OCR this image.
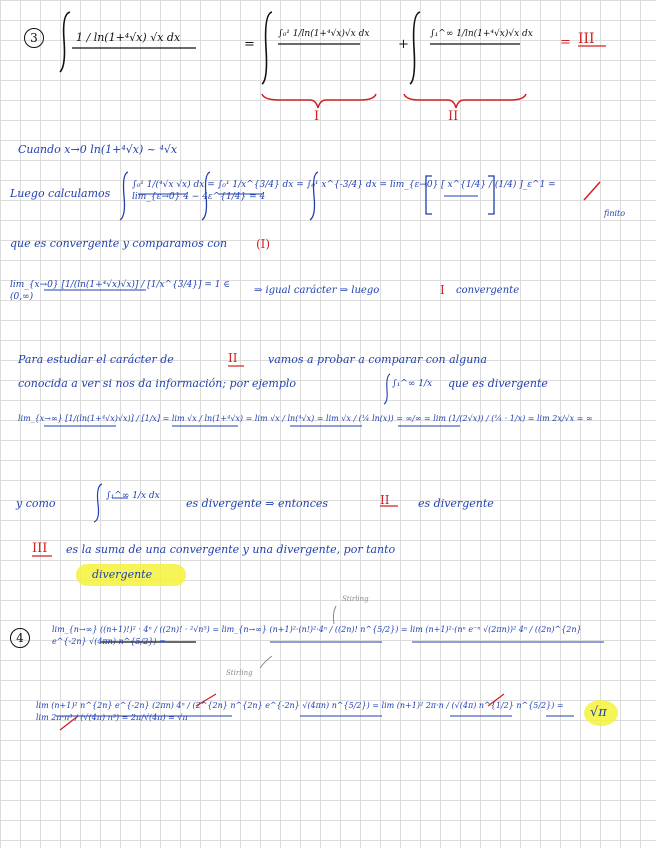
3	1 / ln(1+⁴√x) √x dx	=
∫₀¹ 1/ln(1+⁴√x)√x dx
+
∫₁^∞ 1/ln(1+⁴√x)√x dx
= III
I	II
Cuando x→0 ln(1+⁴√x) ~ ⁴√x
Luego calculamos
∫₀¹ 1/(⁴√x √x) dx = ∫₀¹ 1/x^{3/4} dx = ∫₀¹ x^{-3/4} dx = lim_{ε→0} [ x^{1/4} / (1/4) ]_ε^1 = lim_{ε→0} 4 − 4ε^{1/4} = 4
finito
que es convergente y comparamos con (I)
lim_{x→0} [1/(ln(1+⁴√x)√x)] / [1/x^{3/4}] = 1 ∈ (0,∞)
⇒ igual carácter ⇒ luego	I convergente
Para estudiar el carácter de	II	vamos a probar a comparar con alguna
conocida a ver si nos da información; por ejemplo	∫₁^∞ 1/x que es divergente
lim_{x→∞} [1/(ln(1+⁴√x)√x)] / [1/x] = lim √x / ln(1+⁴√x) = lim √x / ln(⁴√x) = lim √x / (¼ ln(x)) = ∞/∞ = lim (1/(2√x)) / (¼ · 1/x) = lim 2x/√x = ∞
y como
∫₁^∞ 1/x dx
es divergente ⇒ entonces	II	es divergente
III es la suma de una convergente y una divergente, por tanto
divergente
4
lim_{n→∞} ((n+1)!)² · 4ⁿ / ((2n)! · ²√n⁵) = lim_{n→∞} (n+1)²·(n!)²·4ⁿ / ((2n)! n^{5/2}) = lim (n+1)²·(nⁿ e⁻ⁿ √(2πn))² 4ⁿ / ((2n)^{2n} e^{-2n} √(4πn) n^{5/2}) =
Stirling
Stirling
lim (n+1)² n^{2n} e^{-2n} (2πn) 4ⁿ / (2^{2n} n^{2n} e^{-2n} √(4πn) n^{5/2}) = lim (n+1)² 2π·n / (√(4π) n^{1/2} n^{5/2}) = lim 2π·n³ / (√(4π) n³) = 2π/√(4π) = √π	√π
